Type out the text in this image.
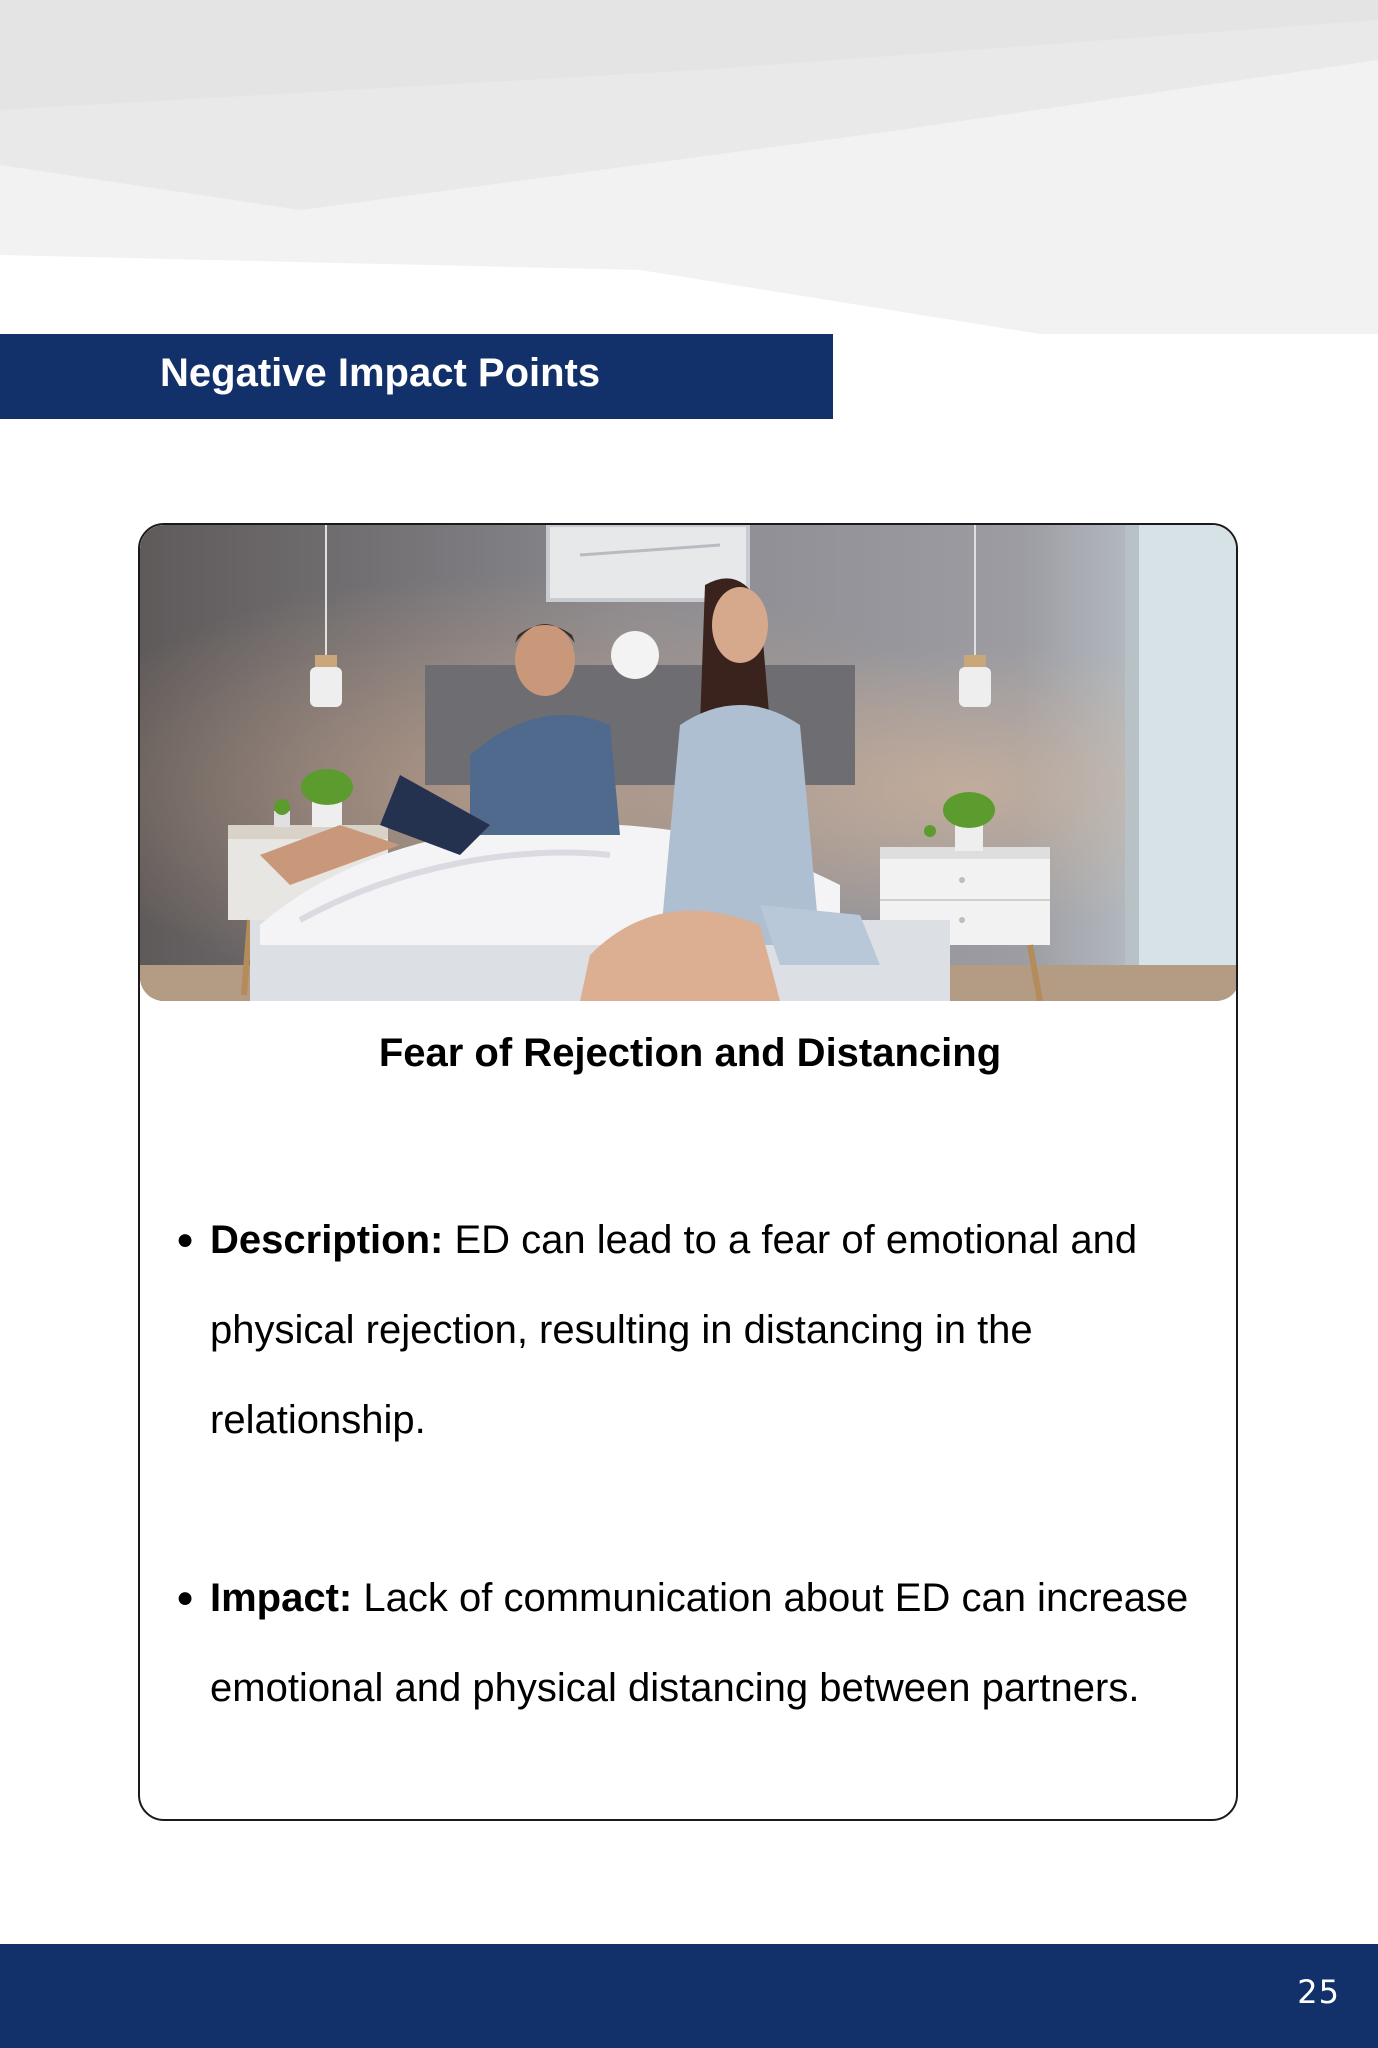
Negative Impact Points
Fear of Rejection and Distancing
● Description: ED can lead to a fear of emotional and physical rejection, resulting in distancing in the relationship.
● Impact: Lack of communication about ED can increase emotional and physical distancing between partners.
25
